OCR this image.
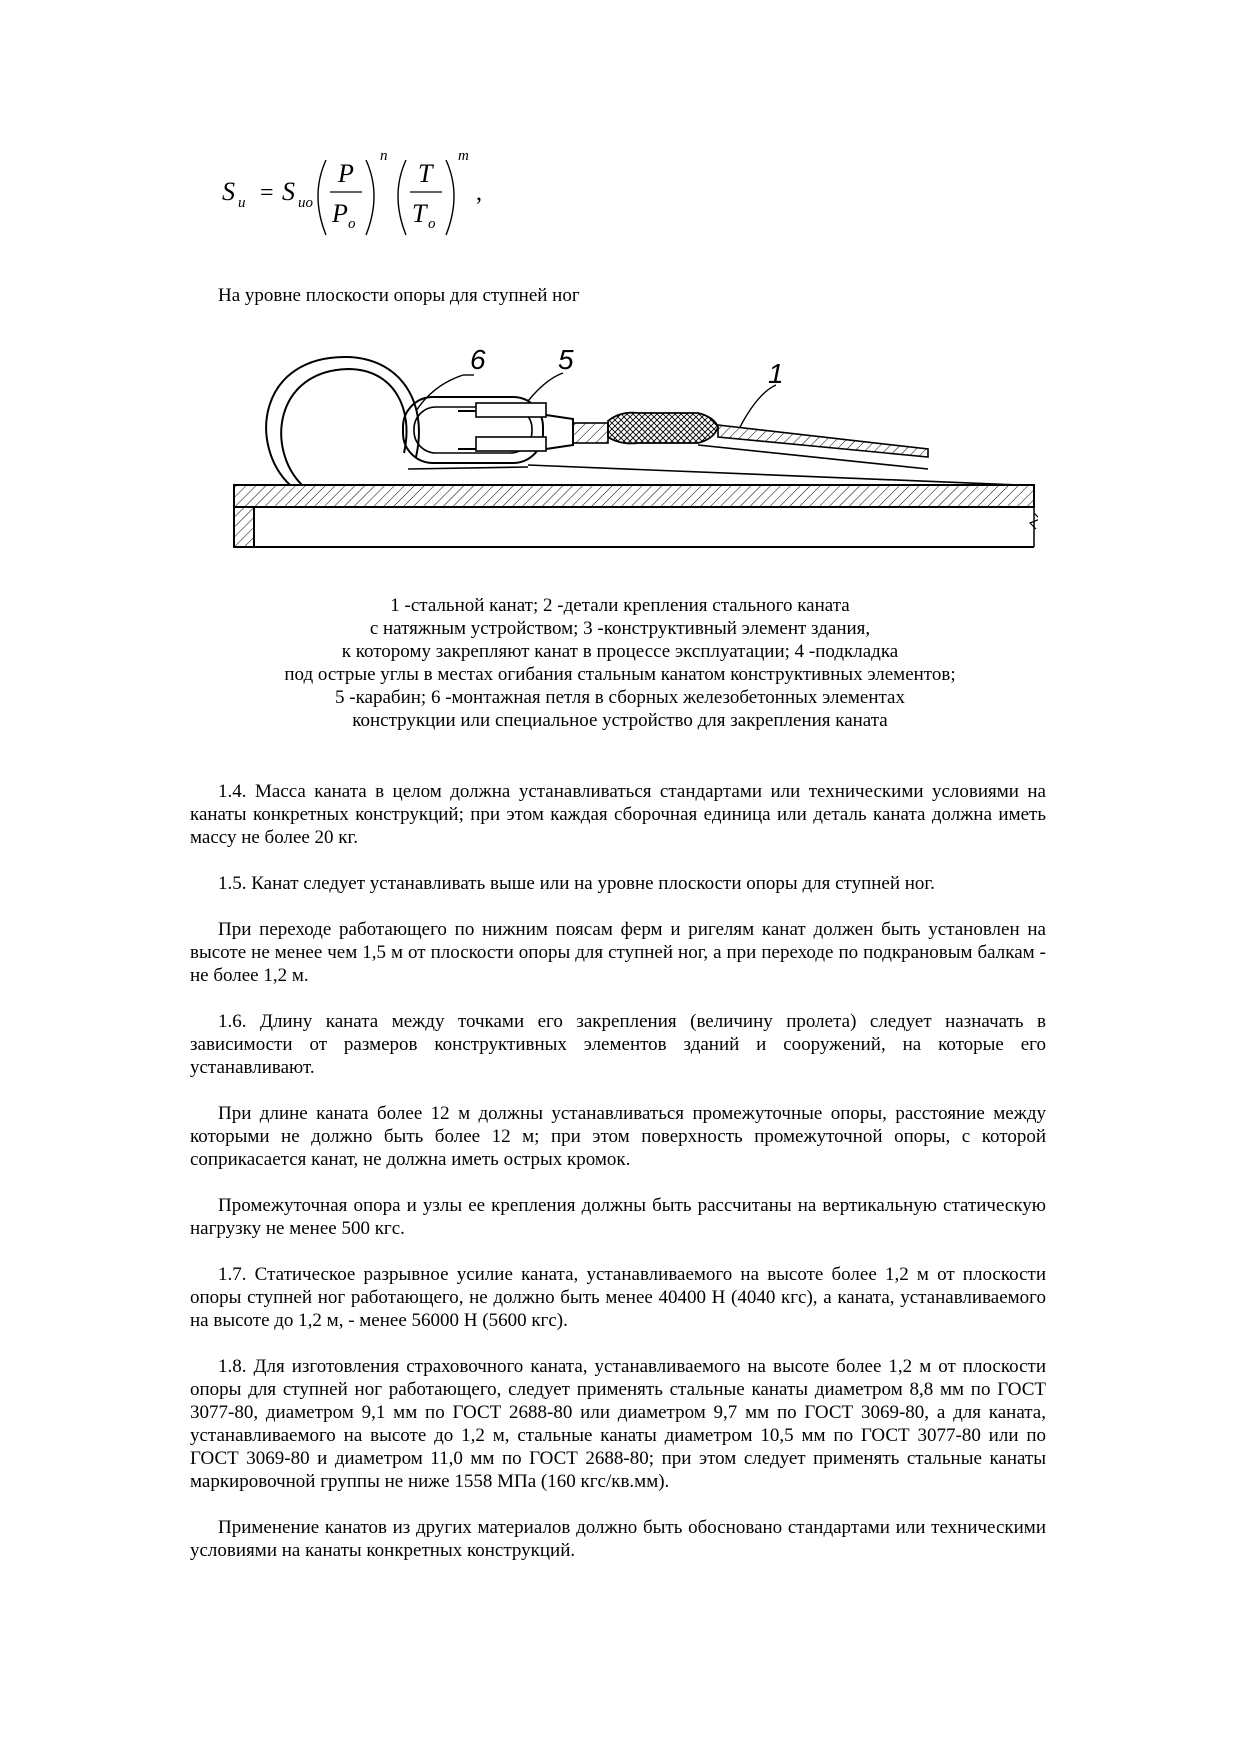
S u = S uo
P
P o
n
T
T o
m
,
На уровне плоскости опоры для ступней ног
6	5	1
1 -стальной канат; 2 -детали крепления стального каната
с натяжным устройством; 3 -конструктивный элемент здания,
к которому закрепляют канат в процессе эксплуатации; 4 -подкладка
под острые углы в местах огибания стальным канатом конструктивных элементов;
5 -карабин; 6 -монтажная петля в сборных железобетонных элементах
конструкции или специальное устройство для закрепления каната

1.4. Масса каната в целом должна устанавливаться стандартами или техническими условиями на канаты конкретных конструкций; при этом каждая сборочная единица или деталь каната должна иметь массу не более 20 кг.

1.5. Канат следует устанавливать выше или на уровне плоскости опоры для ступней ног.

При переходе работающего по нижним поясам ферм и ригелям канат должен быть установлен на высоте не менее чем 1,5 м от плоскости опоры для ступней ног, а при переходе по подкрановым балкам - не более 1,2 м.

1.6. Длину каната между точками его закрепления (величину пролета) следует назначать в зависимости от размеров конструктивных элементов зданий и сооружений, на которые его устанавливают.

При длине каната более 12 м должны устанавливаться промежуточные опоры, расстояние между которыми не должно быть более 12 м; при этом поверхность промежуточной опоры, с которой соприкасается канат, не должна иметь острых кромок.

Промежуточная опора и узлы ее крепления должны быть рассчитаны на вертикальную статическую нагрузку не менее 500 кгс.

1.7. Статическое разрывное усилие каната, устанавливаемого на высоте более 1,2 м от плоскости опоры ступней ног работающего, не должно быть менее 40400 Н (4040 кгс), а каната, устанавливаемого на высоте до 1,2 м, - менее 56000 Н (5600 кгс).

1.8. Для изготовления страховочного каната, устанавливаемого на высоте более 1,2 м от плоскости опоры для ступней ног работающего, следует применять стальные канаты диаметром 8,8 мм по ГОСТ 3077-80, диаметром 9,1 мм по ГОСТ 2688-80 или диаметром 9,7 мм по ГОСТ 3069-80, а для каната, устанавливаемого на высоте до 1,2 м, стальные канаты диаметром 10,5 мм по ГОСТ 3077-80 или по ГОСТ 3069-80 и диаметром 11,0 мм по ГОСТ 2688-80; при этом следует применять стальные канаты маркировочной группы не ниже 1558 МПа (160 кгс/кв.мм).

Применение канатов из других материалов должно быть обосновано стандартами или техническими условиями на канаты конкретных конструкций.
